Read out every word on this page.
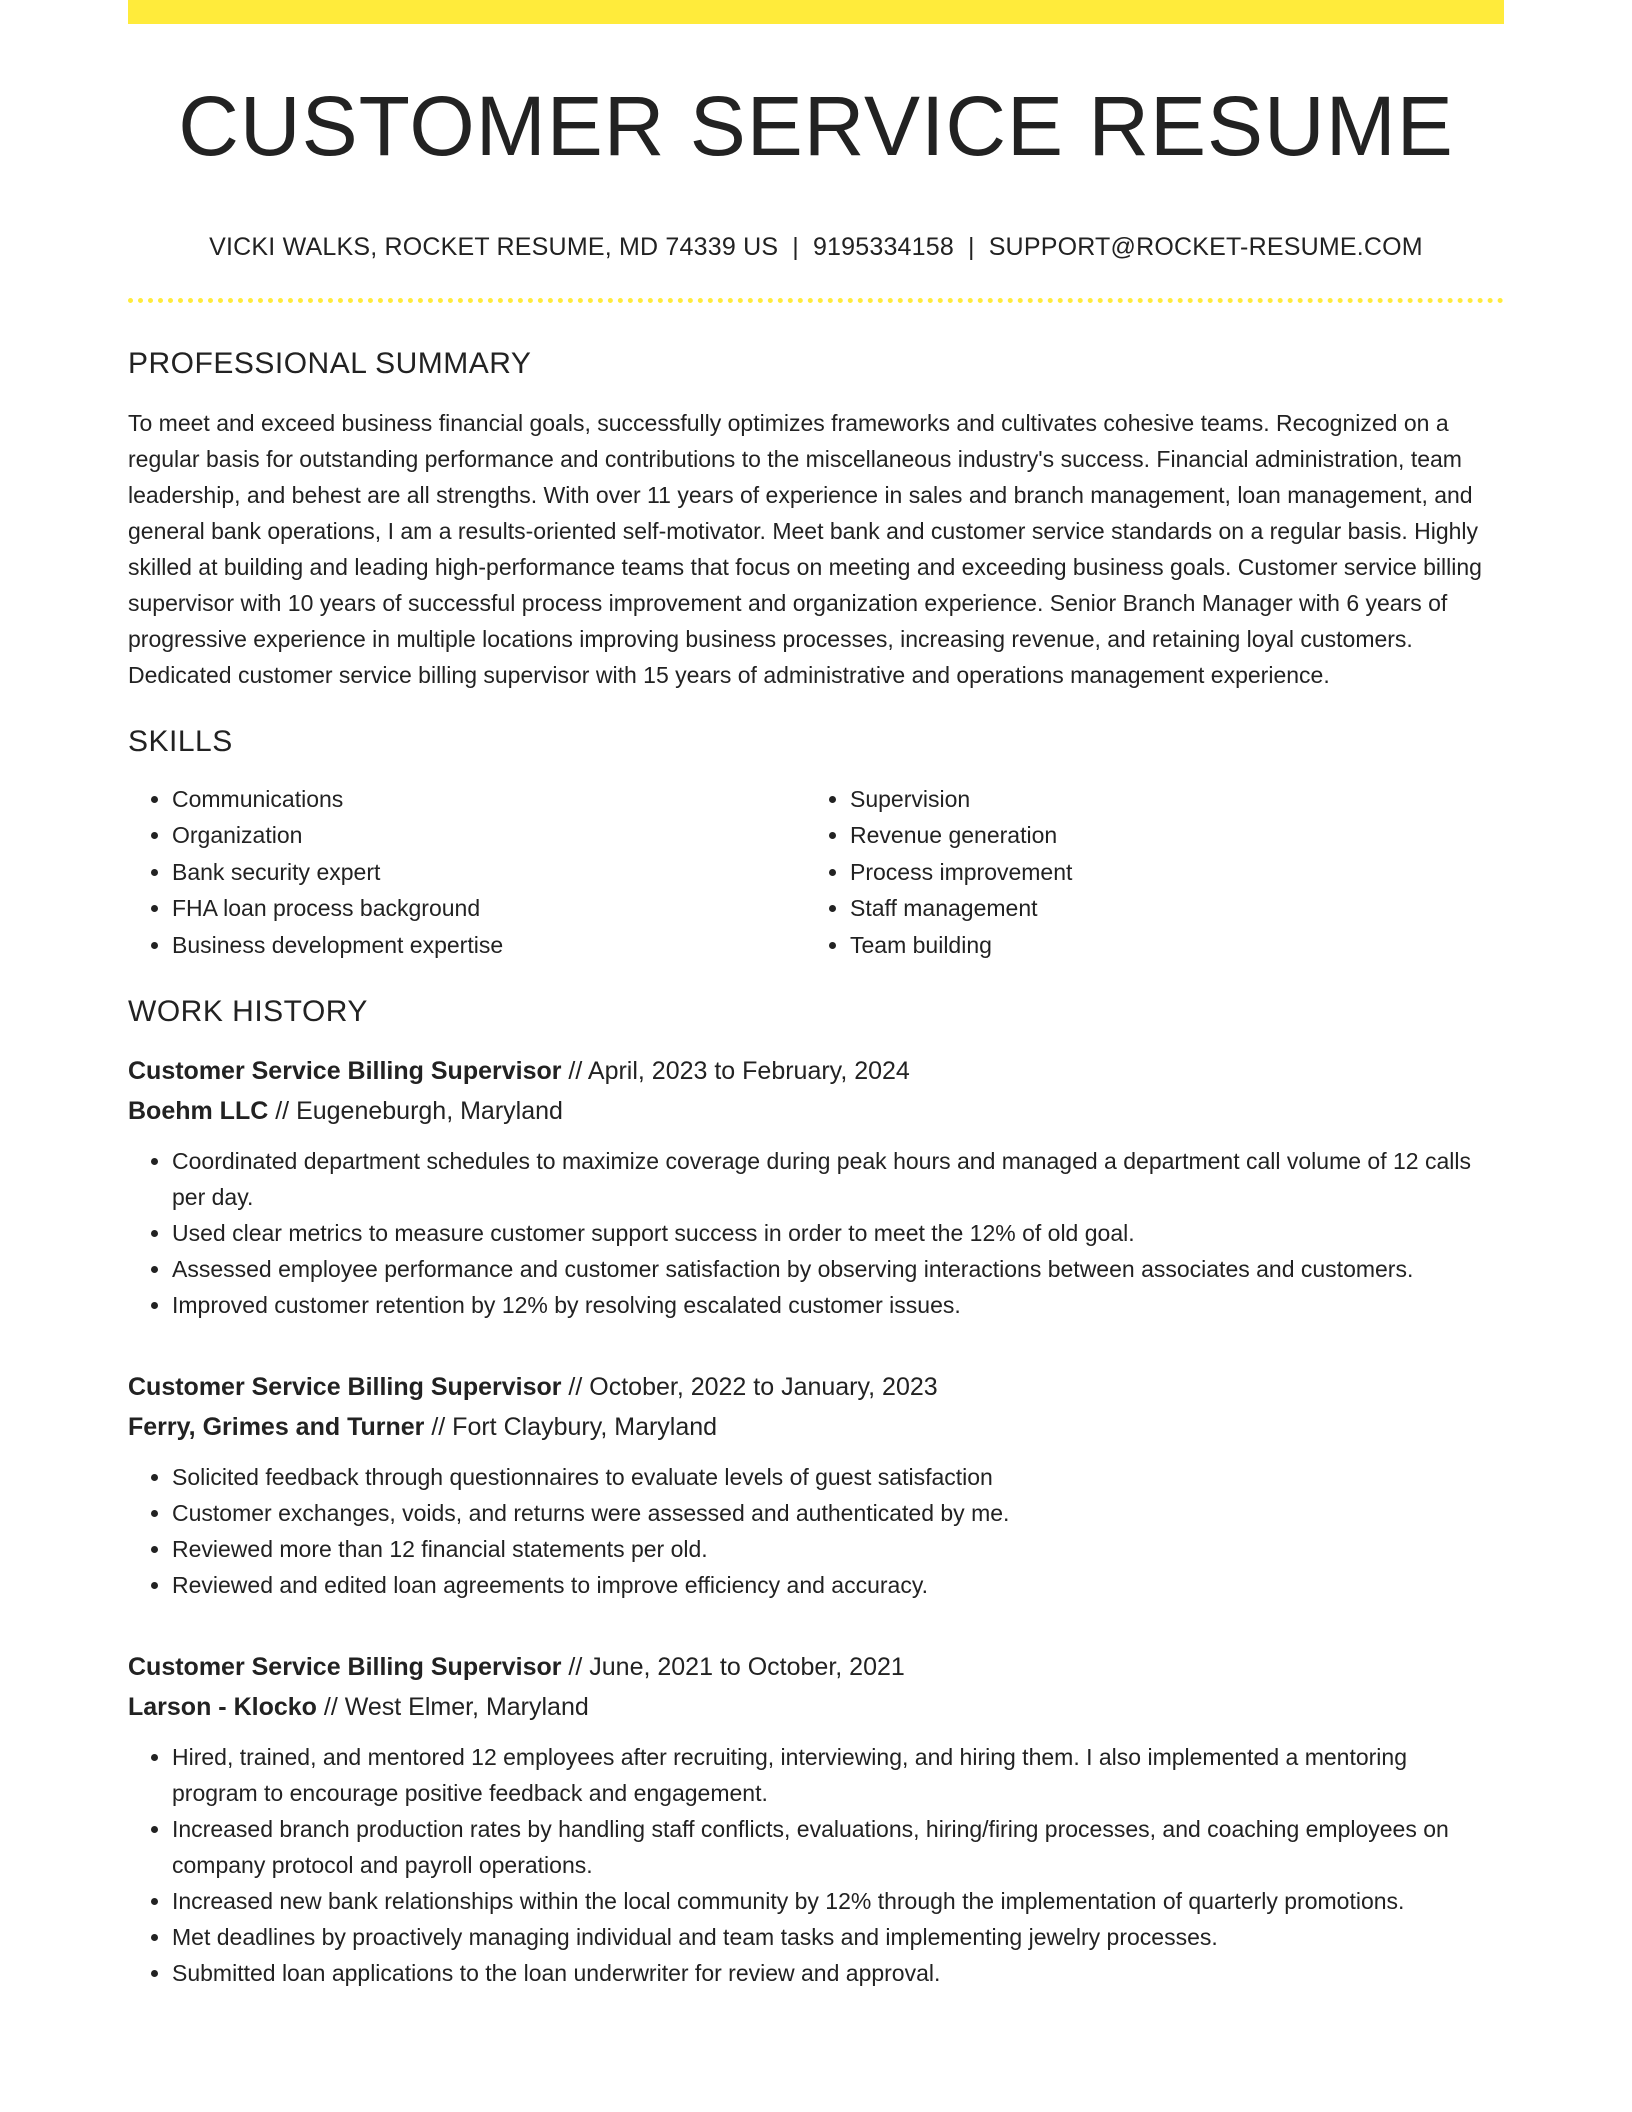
CUSTOMER SERVICE RESUME
VICKI WALKS, ROCKET RESUME, MD 74339 US | 9195334158 | SUPPORT@ROCKET-RESUME.COM
PROFESSIONAL SUMMARY
To meet and exceed business financial goals, successfully optimizes frameworks and cultivates cohesive teams. Recognized on a regular basis for outstanding performance and contributions to the miscellaneous industry's success. Financial administration, team leadership, and behest are all strengths. With over 11 years of experience in sales and branch management, loan management, and general bank operations, I am a results-oriented self-motivator. Meet bank and customer service standards on a regular basis. Highly skilled at building and leading high-performance teams that focus on meeting and exceeding business goals. Customer service billing supervisor with 10 years of successful process improvement and organization experience. Senior Branch Manager with 6 years of progressive experience in multiple locations improving business processes, increasing revenue, and retaining loyal customers. Dedicated customer service billing supervisor with 15 years of administrative and operations management experience.
SKILLS
• Communications
• Organization
• Bank security expert
• FHA loan process background
• Business development expertise
• Supervision
• Revenue generation
• Process improvement
• Staff management
• Team building
WORK HISTORY
Customer Service Billing Supervisor // April, 2023 to February, 2024
Boehm LLC // Eugeneburgh, Maryland
• Coordinated department schedules to maximize coverage during peak hours and managed a department call volume of 12 calls per day.
• Used clear metrics to measure customer support success in order to meet the 12% of old goal.
• Assessed employee performance and customer satisfaction by observing interactions between associates and customers.
• Improved customer retention by 12% by resolving escalated customer issues.
Customer Service Billing Supervisor // October, 2022 to January, 2023
Ferry, Grimes and Turner // Fort Claybury, Maryland
• Solicited feedback through questionnaires to evaluate levels of guest satisfaction
• Customer exchanges, voids, and returns were assessed and authenticated by me.
• Reviewed more than 12 financial statements per old.
• Reviewed and edited loan agreements to improve efficiency and accuracy.
Customer Service Billing Supervisor // June, 2021 to October, 2021
Larson - Klocko // West Elmer, Maryland
• Hired, trained, and mentored 12 employees after recruiting, interviewing, and hiring them. I also implemented a mentoring program to encourage positive feedback and engagement.
• Increased branch production rates by handling staff conflicts, evaluations, hiring/firing processes, and coaching employees on company protocol and payroll operations.
• Increased new bank relationships within the local community by 12% through the implementation of quarterly promotions.
• Met deadlines by proactively managing individual and team tasks and implementing jewelry processes.
• Submitted loan applications to the loan underwriter for review and approval.
